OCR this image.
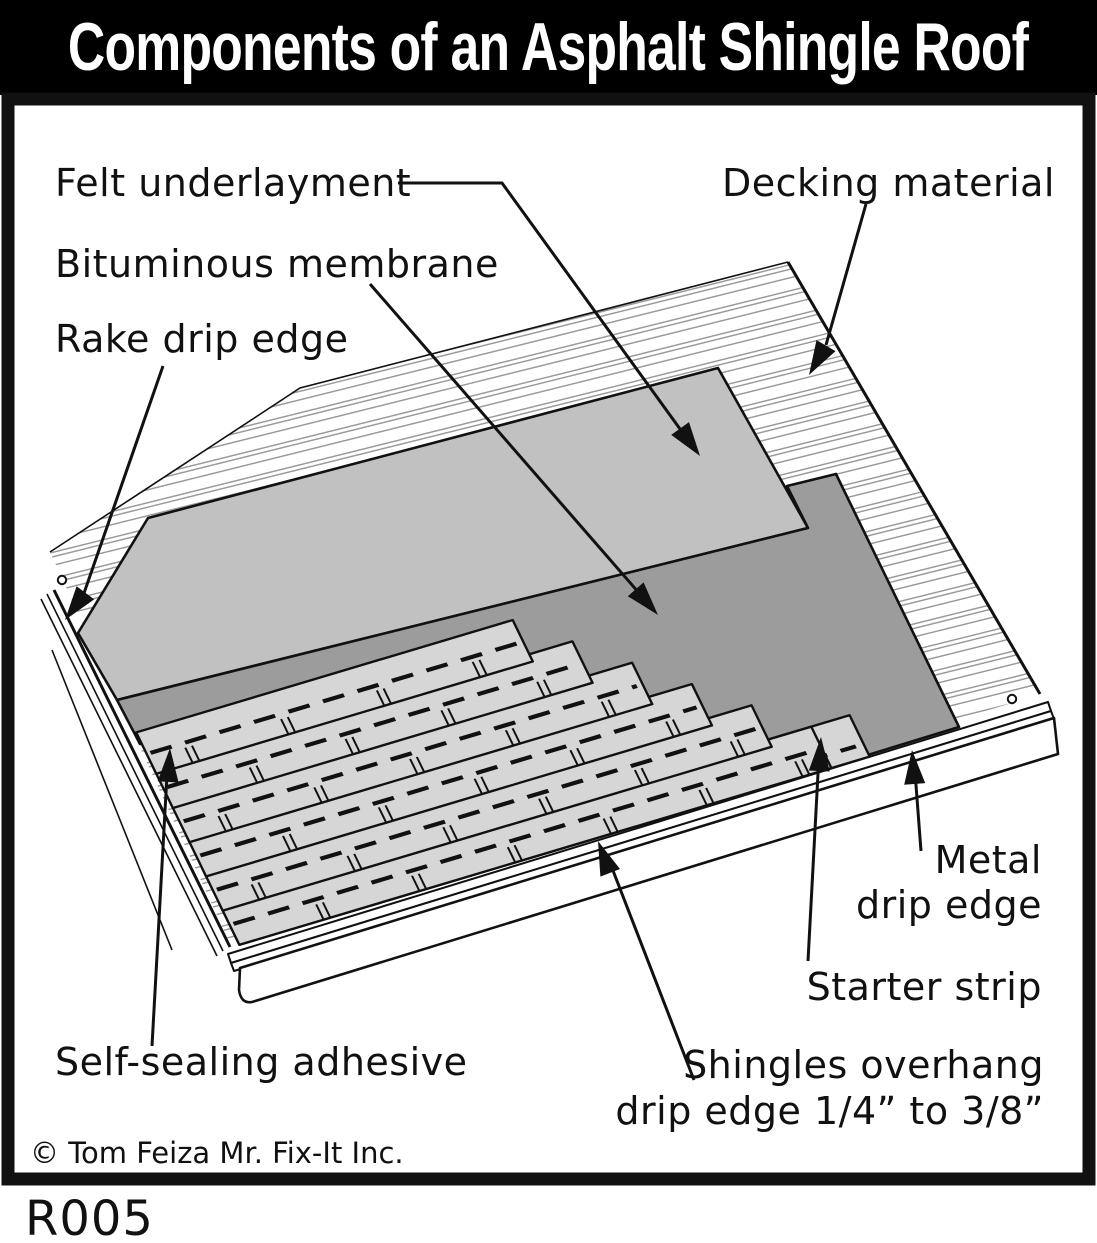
Components of an Asphalt Shingle Roof
Felt underlayment
Bituminous membrane
Rake drip edge
Decking material
Metal
drip edge
Starter strip
Shingles overhang
drip edge 1/4” to 3/8”
Self-sealing adhesive
© Tom Feiza Mr. Fix-It Inc.
R005
